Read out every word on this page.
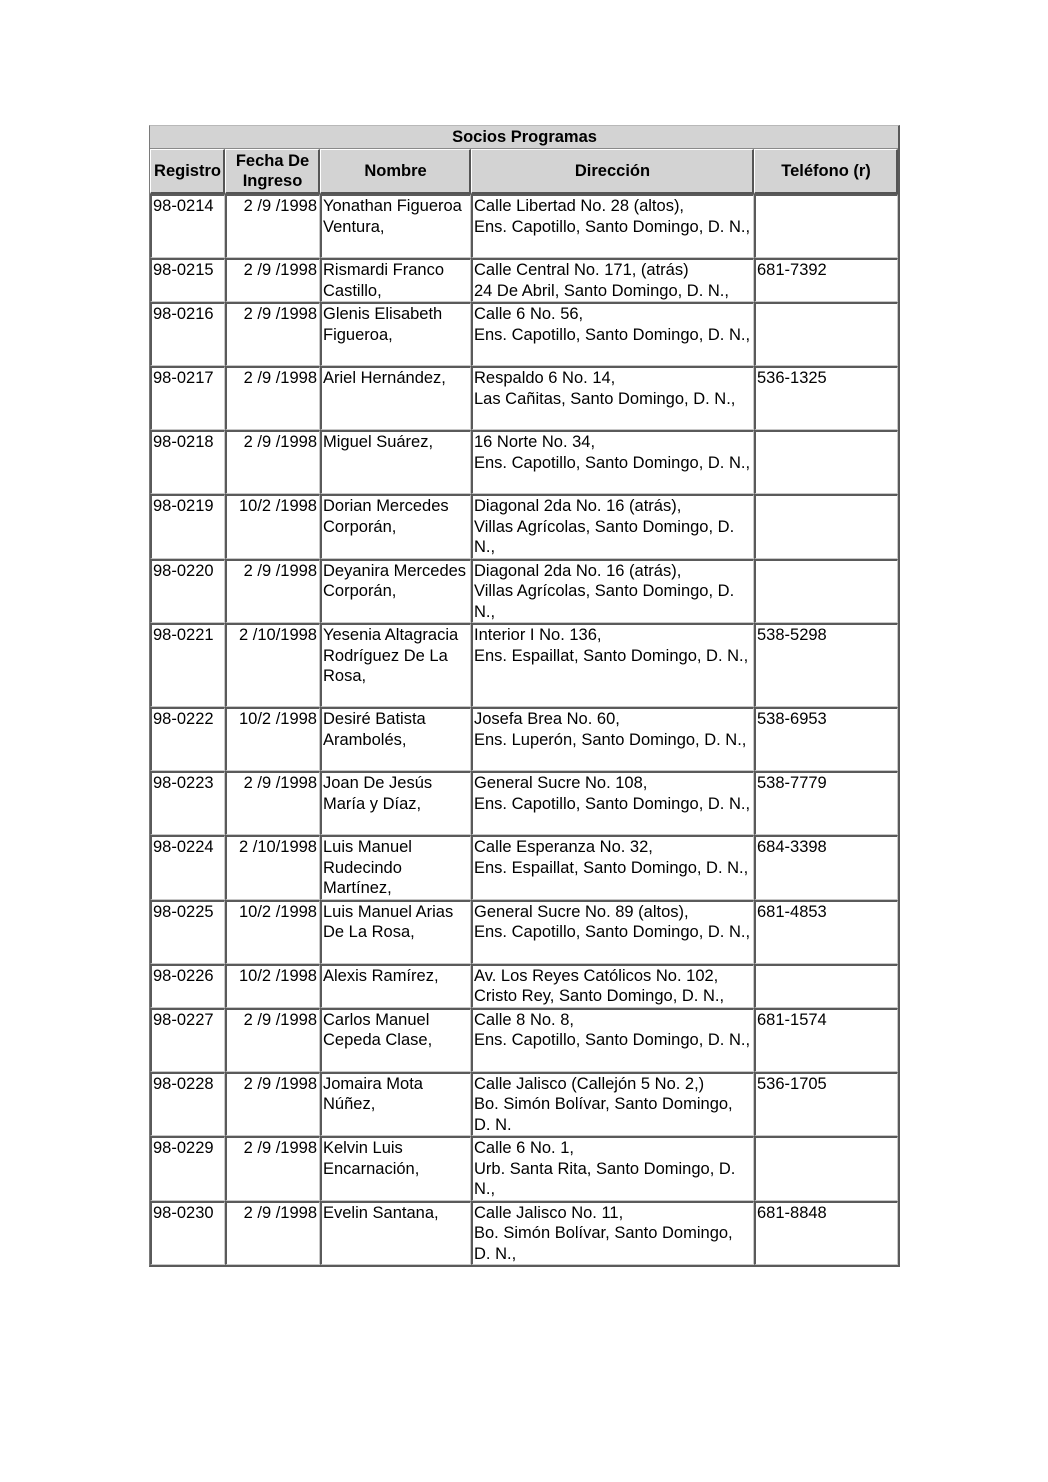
Socios Programas				
Registro	Fecha De Ingreso	Nombre	Dirección	Teléfono (r)
98-0214	2 /9 /1998	Yonathan Figueroa Ventura,	Calle Libertad No. 28 (altos),
Ens. Capotillo, Santo Domingo, D. N.,	

98-0215	2 /9 /1998	Rismardi Franco Castillo,	Calle Central No. 171, (atrás)
24 De Abril, Santo Domingo, D. N.,	681-7392
98-0216	2 /9 /1998	Glenis Elisabeth Figueroa,	Calle 6 No. 56,
Ens. Capotillo, Santo Domingo, D. N.,	

98-0217	2 /9 /1998	Ariel Hernández,	Respaldo 6 No. 14,
Las Cañitas, Santo Domingo, D. N.,	536-1325
98-0218	2 /9 /1998	Miguel Suárez,	16 Norte No. 34,
Ens. Capotillo, Santo Domingo, D. N.,	

98-0219	10/2 /1998	Dorian Mercedes Corporán,	Diagonal 2da No. 16 (atrás),
Villas Agrícolas, Santo Domingo, D. N.,	

98-0220	2 /9 /1998	Deyanira Mercedes Corporán,	Diagonal 2da No. 16 (atrás),
Villas Agrícolas, Santo Domingo, D. N.,	

98-0221	2 /10/1998	Yesenia Altagracia Rodríguez De La Rosa,	Interior I No. 136,
Ens. Espaillat, Santo Domingo, D. N.,	538-5298
98-0222	10/2 /1998	Desiré Batista Arambolés,	Josefa Brea No. 60,
Ens. Luperón, Santo Domingo, D. N.,	538-6953
98-0223	2 /9 /1998	Joan De Jesús María y Díaz,	General Sucre No. 108,
Ens. Capotillo, Santo Domingo, D. N.,	538-7779
98-0224	2 /10/1998	Luis Manuel Rudecindo Martínez,	Calle Esperanza No. 32,
Ens. Espaillat, Santo Domingo, D. N.,	684-3398
98-0225	10/2 /1998	Luis Manuel Arias De La Rosa,	General Sucre No. 89 (altos),
Ens. Capotillo, Santo Domingo, D. N.,	681-4853
98-0226	10/2 /1998	Alexis Ramírez,	Av. Los Reyes Católicos No. 102,
Cristo Rey, Santo Domingo, D. N.,	

98-0227	2 /9 /1998	Carlos Manuel Cepeda Clase,	Calle 8 No. 8,
Ens. Capotillo, Santo Domingo, D. N.,	681-1574
98-0228	2 /9 /1998	Jomaira Mota Núñez,	Calle Jalisco (Callejón 5 No. 2,)
Bo. Simón Bolívar, Santo Domingo, D. N.	536-1705
98-0229	2 /9 /1998	Kelvin Luis Encarnación,	Calle 6 No. 1,
Urb. Santa Rita, Santo Domingo, D. N.,	

98-0230	2 /9 /1998	Evelin Santana,	Calle Jalisco No. 11,
Bo. Simón Bolívar, Santo Domingo, D. N.,	681-8848
